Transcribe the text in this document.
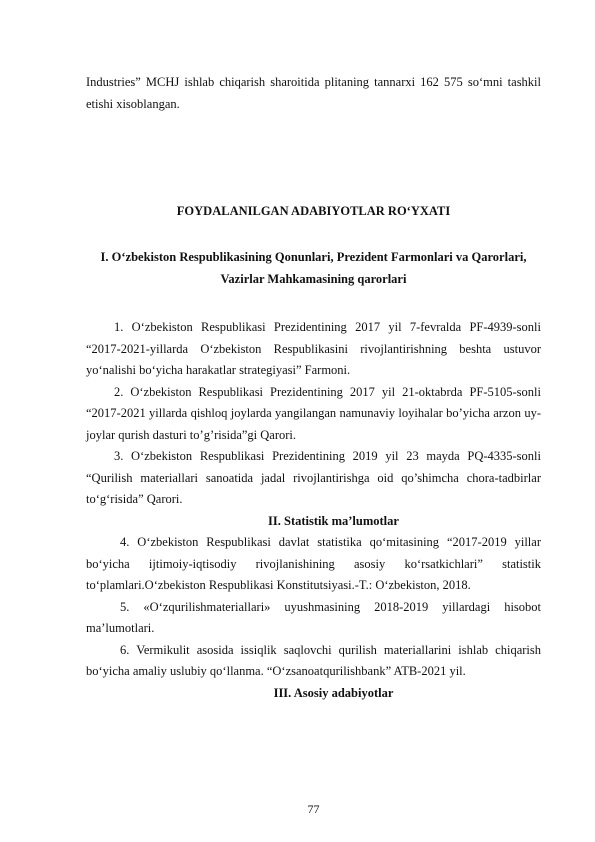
Industries” MCHJ ishlab chiqarish sharoitida plitaning tannarxi 162 575 so‘mni tashkil etishi xisoblangan.

FOYDALANILGAN ADABIYOTLAR RO‘YXATI

I. O‘zbekiston Respublikasining Qonunlari, Prezident Farmonlari va Qarorlari, Vazirlar Mahkamasining qarorlari

1. O‘zbekiston Respublikasi Prezidentining 2017 yil 7-fevralda PF-4939-sonli “2017-2021-yillarda O‘zbekiston Respublikasini rivojlantirishning beshta ustuvor yo‘nalishi bo‘yicha harakatlar strategiyasi” Farmoni.

2. O‘zbekiston Respublikasi Prezidentining 2017 yil 21-oktabrda PF-5105-sonli “2017-2021 yillarda qishloq joylarda yangilangan namunaviy loyihalar bo’yicha arzon uy-joylar qurish dasturi to’g’risida”gi Qarori.

3. O‘zbekiston Respublikasi Prezidentining 2019 yil 23 mayda PQ-4335-sonli “Qurilish materiallari sanoatida jadal rivojlantirishga oid qo’shimcha chora-tadbirlar to‘g‘risida” Qarori.

II. Statistik ma’lumotlar

4. O‘zbekiston Respublikasi davlat statistika qo‘mitasining “2017-2019 yillar bo‘yicha ijtimoiy-iqtisodiy rivojlanishining asosiy ko‘rsatkichlari” statistik to‘plamlari.O‘zbekiston Respublikasi Konstitutsiyasi.-T.: O‘zbekiston, 2018.

5. «O‘zqurilishmateriallari» uyushmasining 2018-2019 yillardagi hisobot ma’lumotlari.

6. Vermikulit asosida issiqlik saqlovchi qurilish materiallarini ishlab chiqarish bo‘yicha amaliy uslubiy qo‘llanma. “O‘zsanoatqurilishbank” ATB-2021 yil.

III. Asosiy adabiyotlar

77
